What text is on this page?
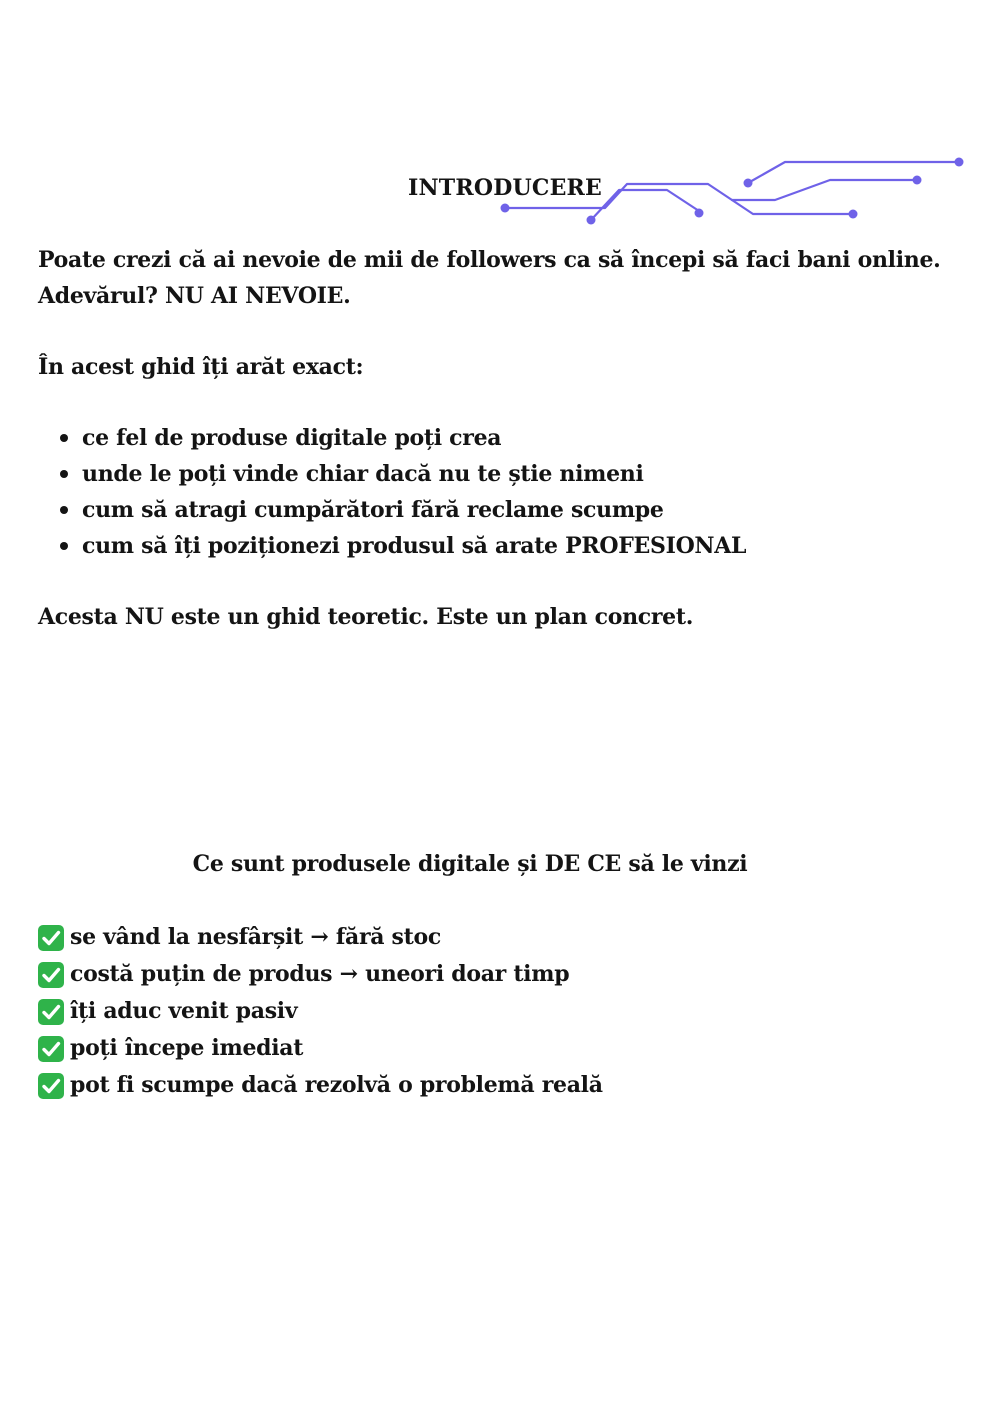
INTRODUCERE
Poate crezi că ai nevoie de mii de followers ca să începi să faci bani online.
Adevărul? NU AI NEVOIE.

În acest ghid îți arăt exact:

ce fel de produse digitale poți crea
unde le poți vinde chiar dacă nu te știe nimeni
cum să atragi cumpărători fără reclame scumpe
cum să îți poziționezi produsul să arate PROFESIONAL

Acesta NU este un ghid teoretic. Este un plan concret.

Ce sunt produsele digitale și DE CE să le vinzi
se vând la nesfârșit → fără stoc
costă puțin de produs → uneori doar timp
îți aduc venit pasiv
poți începe imediat
pot fi scumpe dacă rezolvă o problemă reală
